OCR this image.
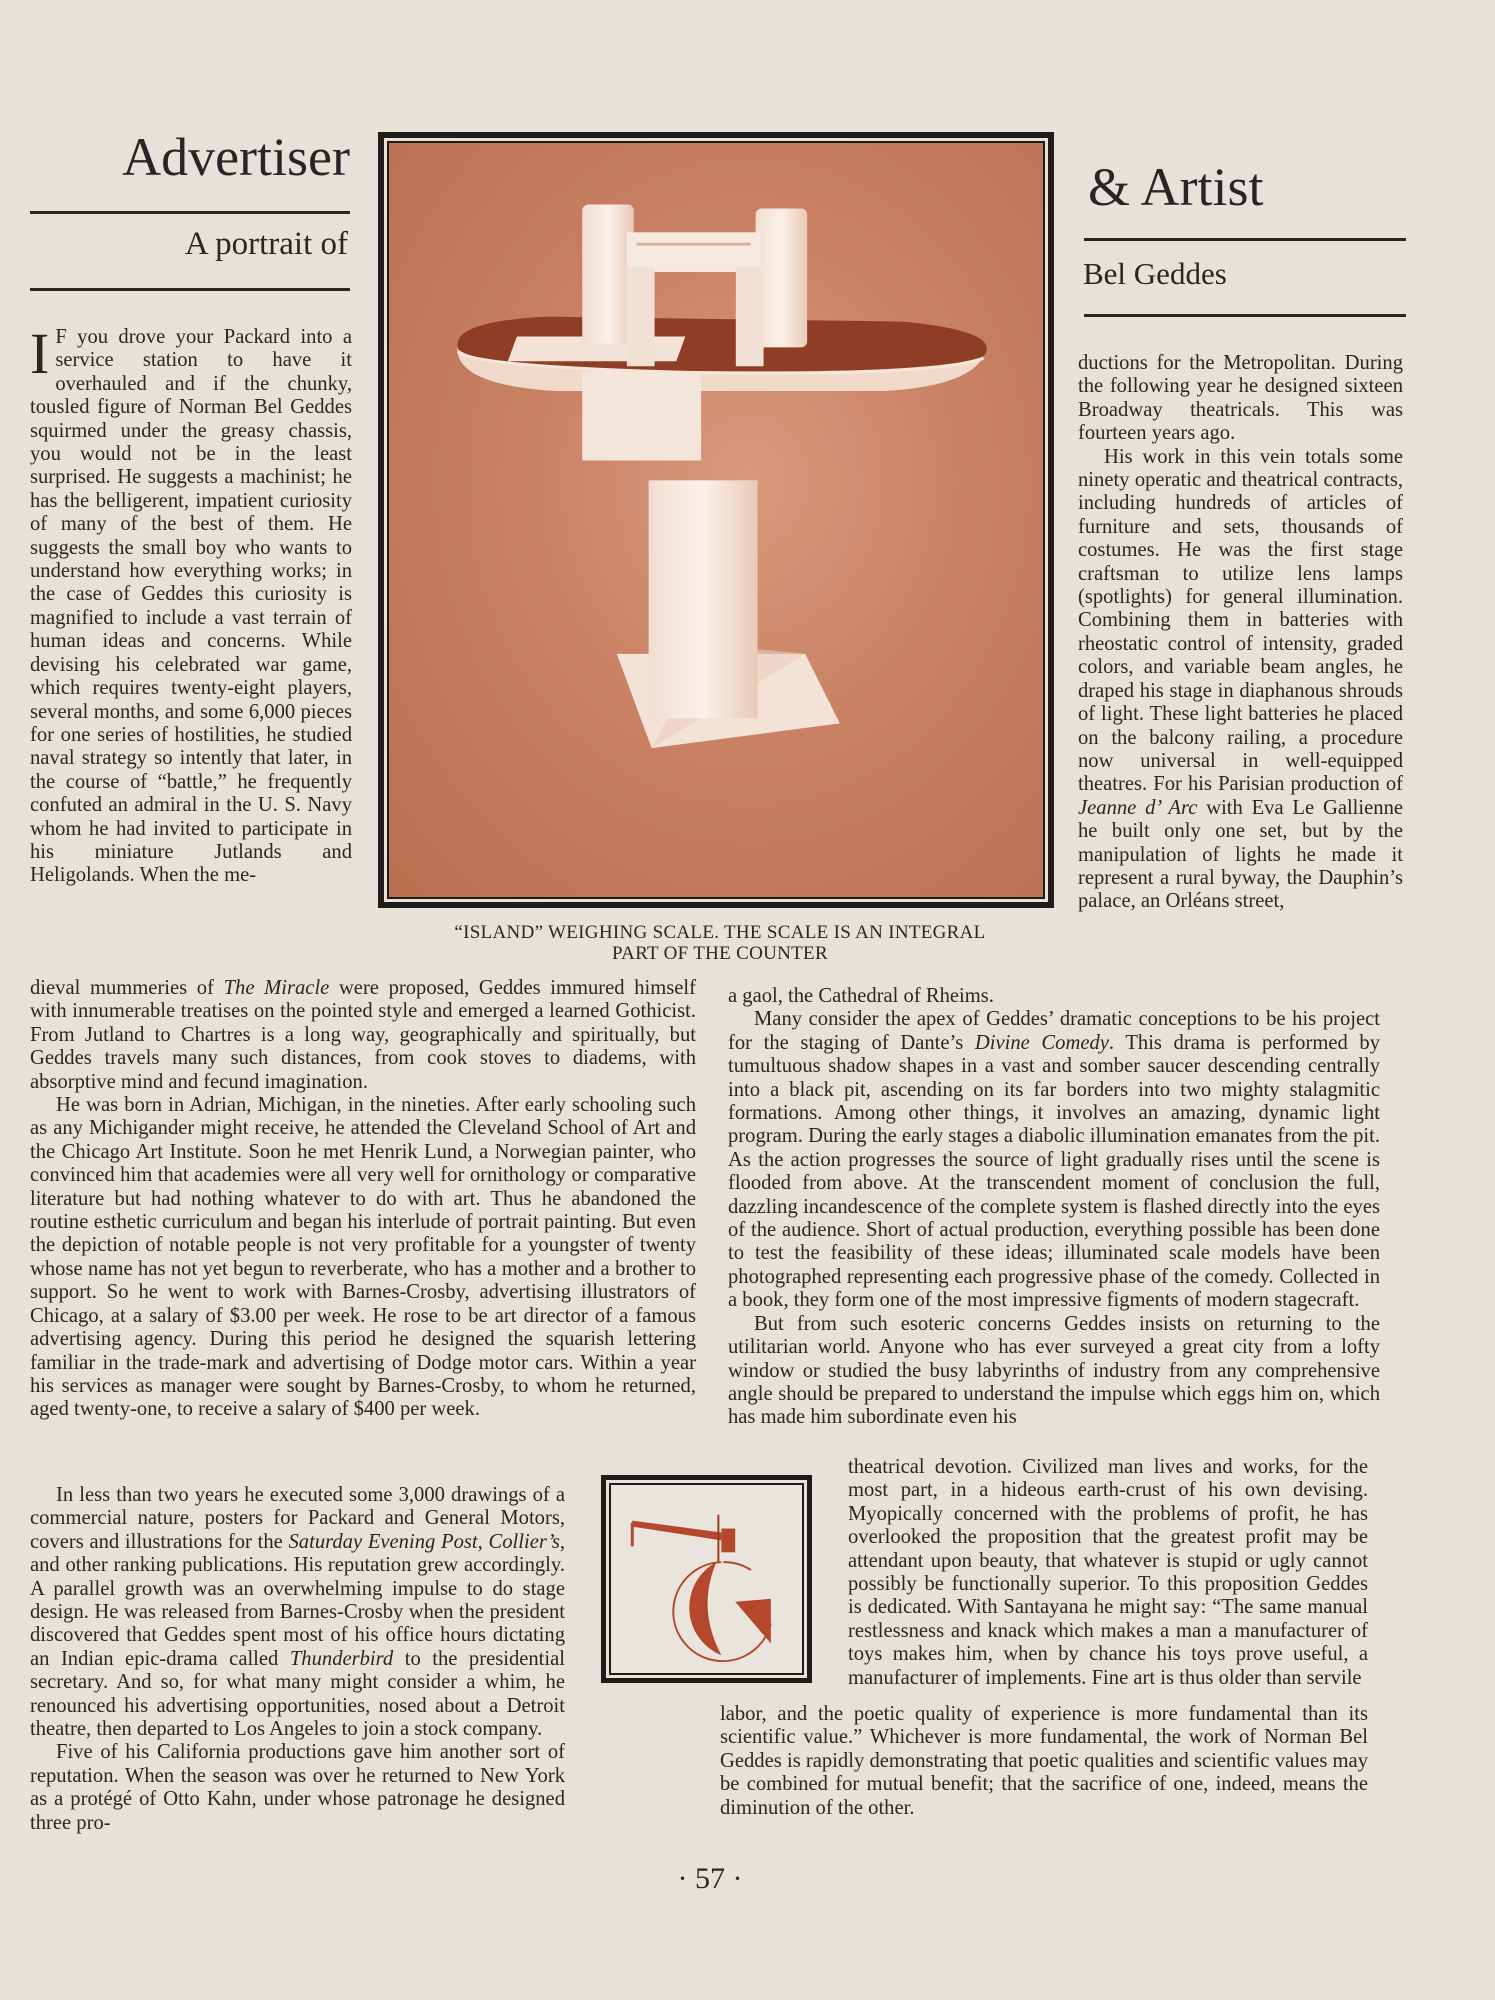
Advertiser
A portrait of
& Artist
Bel Geddes
“ISLAND” WEIGHING SCALE. THE SCALE IS AN INTEGRAL
PART OF THE COUNTER

I F you drove your Packard into a service station to have it overhauled and if the chunky, tousled figure of Norman Bel Geddes squirmed under the greasy chassis, you would not be in the least surprised. He suggests a machinist; he has the belligerent, impatient curiosity of many of the best of them. He suggests the small boy who wants to understand how everything works; in the case of Geddes this curiosity is magnified to include a vast terrain of human ideas and concerns. While devising his celebrated war game, which requires twenty-eight players, several months, and some 6,000 pieces for one series of hostilities, he studied naval strategy so intently that later, in the course of “battle,” he frequently confuted an admiral in the U. S. Navy whom he had invited to participate in his miniature Jutlands and Heligolands. When the me-

ductions for the Metropolitan. During the following year he designed sixteen Broadway theatricals. This was fourteen years ago.

His work in this vein totals some ninety operatic and theatrical contracts, including hundreds of articles of furniture and sets, thousands of costumes. He was the first stage craftsman to utilize lens lamps (spotlights) for general illumination. Combining them in batteries with rheostatic control of intensity, graded colors, and variable beam angles, he draped his stage in diaphanous shrouds of light. These light batteries he placed on the balcony railing, a procedure now universal in well-equipped theatres. For his Parisian production of Jeanne d’ Arc with Eva Le Gallienne he built only one set, but by the manipulation of lights he made it represent a rural byway, the Dauphin’s palace, an Orléans street,

dieval mummeries of The Miracle were proposed, Geddes immured himself with innumerable treatises on the pointed style and emerged a learned Gothicist. From Jutland to Chartres is a long way, geographically and spiritually, but Geddes travels many such distances, from cook stoves to diadems, with absorptive mind and fecund imagination.

He was born in Adrian, Michigan, in the nineties. After early schooling such as any Michigander might receive, he attended the Cleveland School of Art and the Chicago Art Institute. Soon he met Henrik Lund, a Norwegian painter, who convinced him that academies were all very well for ornithology or comparative literature but had nothing whatever to do with art. Thus he abandoned the routine esthetic curriculum and began his interlude of portrait painting. But even the depiction of notable people is not very profitable for a youngster of twenty whose name has not yet begun to reverberate, who has a mother and a brother to support. So he went to work with Barnes-Crosby, advertising illustrators of Chicago, at a salary of $3.00 per week. He rose to be art director of a famous advertising agency. During this period he designed the squarish lettering familiar in the trade-mark and advertising of Dodge motor cars. Within a year his services as manager were sought by Barnes-Crosby, to whom he returned, aged twenty-one, to receive a salary of $400 per week.

In less than two years he executed some 3,000 drawings of a commercial nature, posters for Packard and General Motors, covers and illustrations for the Saturday Evening Post, Collier’s, and other ranking publications. His reputation grew accordingly. A parallel growth was an overwhelming impulse to do stage design. He was released from Barnes-Crosby when the president discovered that Geddes spent most of his office hours dictating an Indian epic-drama called Thunderbird to the presidential secretary. And so, for what many might consider a whim, he renounced his advertising opportunities, nosed about a Detroit theatre, then departed to Los Angeles to join a stock company.

Five of his California productions gave him another sort of reputation. When the season was over he returned to New York as a protégé of Otto Kahn, under whose patronage he designed three pro-

a gaol, the Cathedral of Rheims.

Many consider the apex of Geddes’ dramatic conceptions to be his project for the staging of Dante’s Divine Comedy. This drama is performed by tumultuous shadow shapes in a vast and somber saucer descending centrally into a black pit, ascending on its far borders into two mighty stalagmitic formations. Among other things, it involves an amazing, dynamic light program. During the early stages a diabolic illumination emanates from the pit. As the action progresses the source of light gradually rises until the scene is flooded from above. At the transcendent moment of conclusion the full, dazzling incandescence of the complete system is flashed directly into the eyes of the audience. Short of actual production, everything possible has been done to test the feasibility of these ideas; illuminated scale models have been photographed representing each progressive phase of the comedy. Collected in a book, they form one of the most impressive figments of modern stagecraft.

But from such esoteric concerns Geddes insists on returning to the utilitarian world. Anyone who has ever surveyed a great city from a lofty window or studied the busy labyrinths of industry from any comprehensive angle should be prepared to understand the impulse which eggs him on, which has made him subordinate even his

theatrical devotion. Civilized man lives and works, for the most part, in a hideous earth-crust of his own devising. Myopically concerned with the problems of profit, he has overlooked the proposition that the greatest profit may be attendant upon beauty, that whatever is stupid or ugly cannot possibly be functionally superior. To this proposition Geddes is dedicated. With Santayana he might say: “The same manual restlessness and knack which makes a man a manufacturer of toys makes him, when by chance his toys prove useful, a manufacturer of implements. Fine art is thus older than servile

labor, and the poetic quality of experience is more fundamental than its scientific value.” Whichever is more fundamental, the work of Norman Bel Geddes is rapidly demonstrating that poetic qualities and scientific values may be combined for mutual benefit; that the sacrifice of one, indeed, means the diminution of the other.

· 57 ·
